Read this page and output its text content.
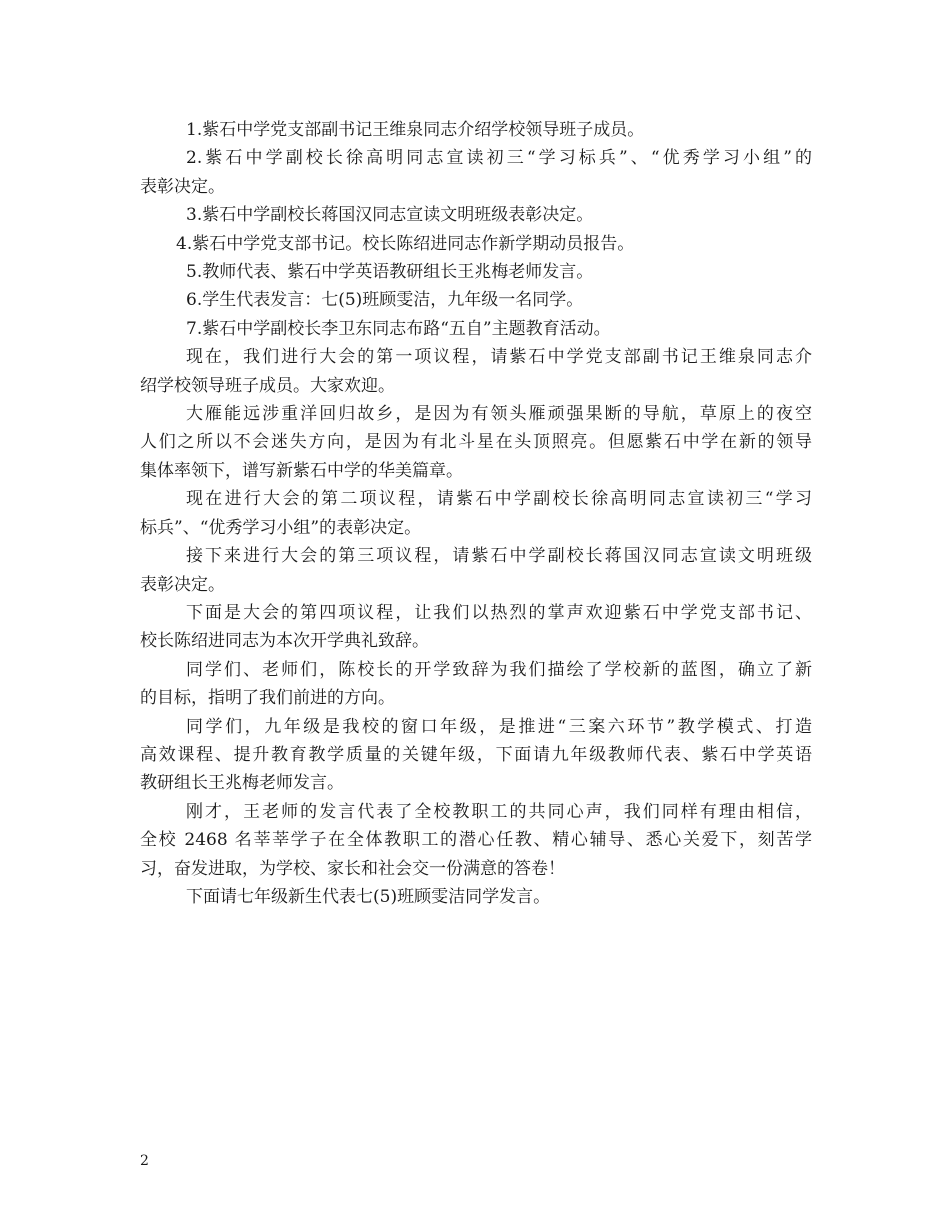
1.紫石中学党支部副书记王维泉同志介绍学校领导班子成员。
2.紫石中学副校长徐高明同志宣读初三“学习标兵”、“优秀学习小组”的
表彰决定。
3.紫石中学副校长蒋国汉同志宣读文明班级表彰决定。
4.紫石中学党支部书记。校长陈绍进同志作新学期动员报告。
5.教师代表、紫石中学英语教研组长王兆梅老师发言。
6.学生代表发言：七(5)班顾雯洁，九年级一名同学。
7.紫石中学副校长李卫东同志布路“五自”主题教育活动。
现在，我们进行大会的第一项议程，请紫石中学党支部副书记王维泉同志介
绍学校领导班子成员。大家欢迎。
大雁能远涉重洋回归故乡，是因为有领头雁顽强果断的导航，草原上的夜空
人们之所以不会迷失方向，是因为有北斗星在头顶照亮。但愿紫石中学在新的领导
集体率领下，谱写新紫石中学的华美篇章。
现在进行大会的第二项议程，请紫石中学副校长徐高明同志宣读初三“学习
标兵”、“优秀学习小组”的表彰决定。
接下来进行大会的第三项议程，请紫石中学副校长蒋国汉同志宣读文明班级
表彰决定。
下面是大会的第四项议程，让我们以热烈的掌声欢迎紫石中学党支部书记、
校长陈绍进同志为本次开学典礼致辞。
同学们、老师们，陈校长的开学致辞为我们描绘了学校新的蓝图，确立了新
的目标，指明了我们前进的方向。
同学们，九年级是我校的窗口年级，是推进“三案六环节”教学模式、打造
高效课程、提升教育教学质量的关键年级，下面请九年级教师代表、紫石中学英语
教研组长王兆梅老师发言。
刚才，王老师的发言代表了全校教职工的共同心声，我们同样有理由相信，
全校 2468 名莘莘学子在全体教职工的潜心任教、精心辅导、悉心关爱下，刻苦学
习，奋发进取，为学校、家长和社会交一份满意的答卷！
下面请七年级新生代表七(5)班顾雯洁同学发言。
2
